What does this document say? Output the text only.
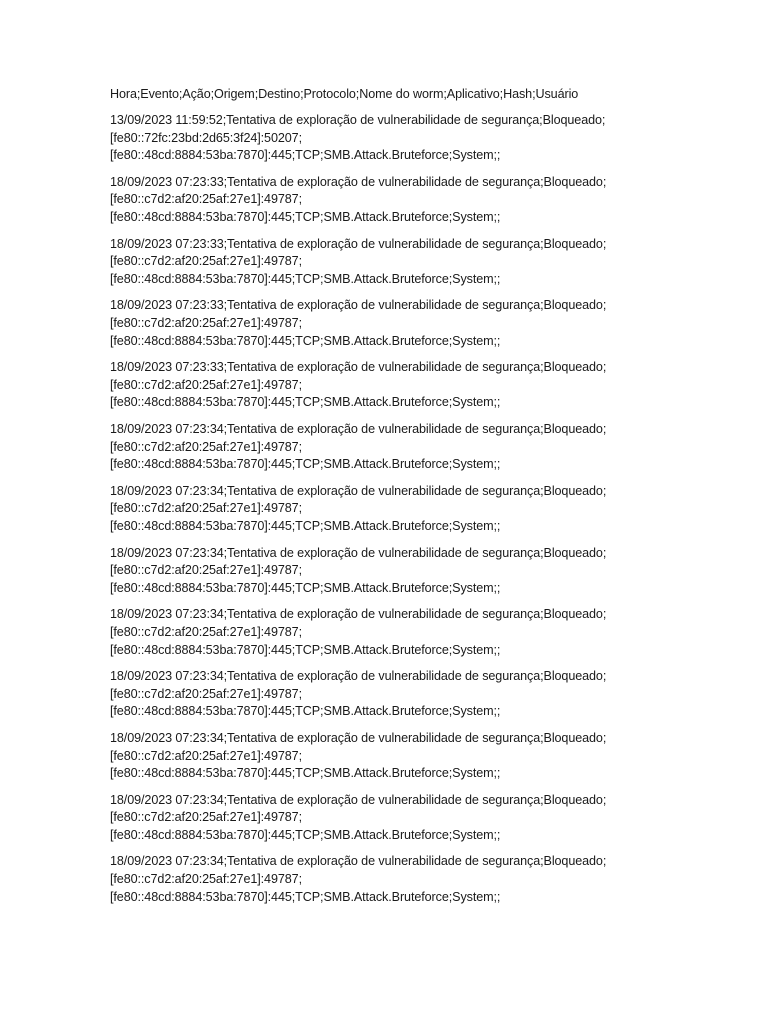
Hora;Evento;Ação;Origem;Destino;Protocolo;Nome do worm;Aplicativo;Hash;Usuário
13/09/2023 11:59:52;Tentativa de exploração de vulnerabilidade de segurança;Bloqueado;
[fe80::72fc:23bd:2d65:3f24]:50207;
[fe80::48cd:8884:53ba:7870]:445;TCP;SMB.Attack.Bruteforce;System;;
18/09/2023 07:23:33;Tentativa de exploração de vulnerabilidade de segurança;Bloqueado;
[fe80::c7d2:af20:25af:27e1]:49787;
[fe80::48cd:8884:53ba:7870]:445;TCP;SMB.Attack.Bruteforce;System;;
18/09/2023 07:23:33;Tentativa de exploração de vulnerabilidade de segurança;Bloqueado;
[fe80::c7d2:af20:25af:27e1]:49787;
[fe80::48cd:8884:53ba:7870]:445;TCP;SMB.Attack.Bruteforce;System;;
18/09/2023 07:23:33;Tentativa de exploração de vulnerabilidade de segurança;Bloqueado;
[fe80::c7d2:af20:25af:27e1]:49787;
[fe80::48cd:8884:53ba:7870]:445;TCP;SMB.Attack.Bruteforce;System;;
18/09/2023 07:23:33;Tentativa de exploração de vulnerabilidade de segurança;Bloqueado;
[fe80::c7d2:af20:25af:27e1]:49787;
[fe80::48cd:8884:53ba:7870]:445;TCP;SMB.Attack.Bruteforce;System;;
18/09/2023 07:23:34;Tentativa de exploração de vulnerabilidade de segurança;Bloqueado;
[fe80::c7d2:af20:25af:27e1]:49787;
[fe80::48cd:8884:53ba:7870]:445;TCP;SMB.Attack.Bruteforce;System;;
18/09/2023 07:23:34;Tentativa de exploração de vulnerabilidade de segurança;Bloqueado;
[fe80::c7d2:af20:25af:27e1]:49787;
[fe80::48cd:8884:53ba:7870]:445;TCP;SMB.Attack.Bruteforce;System;;
18/09/2023 07:23:34;Tentativa de exploração de vulnerabilidade de segurança;Bloqueado;
[fe80::c7d2:af20:25af:27e1]:49787;
[fe80::48cd:8884:53ba:7870]:445;TCP;SMB.Attack.Bruteforce;System;;
18/09/2023 07:23:34;Tentativa de exploração de vulnerabilidade de segurança;Bloqueado;
[fe80::c7d2:af20:25af:27e1]:49787;
[fe80::48cd:8884:53ba:7870]:445;TCP;SMB.Attack.Bruteforce;System;;
18/09/2023 07:23:34;Tentativa de exploração de vulnerabilidade de segurança;Bloqueado;
[fe80::c7d2:af20:25af:27e1]:49787;
[fe80::48cd:8884:53ba:7870]:445;TCP;SMB.Attack.Bruteforce;System;;
18/09/2023 07:23:34;Tentativa de exploração de vulnerabilidade de segurança;Bloqueado;
[fe80::c7d2:af20:25af:27e1]:49787;
[fe80::48cd:8884:53ba:7870]:445;TCP;SMB.Attack.Bruteforce;System;;
18/09/2023 07:23:34;Tentativa de exploração de vulnerabilidade de segurança;Bloqueado;
[fe80::c7d2:af20:25af:27e1]:49787;
[fe80::48cd:8884:53ba:7870]:445;TCP;SMB.Attack.Bruteforce;System;;
18/09/2023 07:23:34;Tentativa de exploração de vulnerabilidade de segurança;Bloqueado;
[fe80::c7d2:af20:25af:27e1]:49787;
[fe80::48cd:8884:53ba:7870]:445;TCP;SMB.Attack.Bruteforce;System;;
